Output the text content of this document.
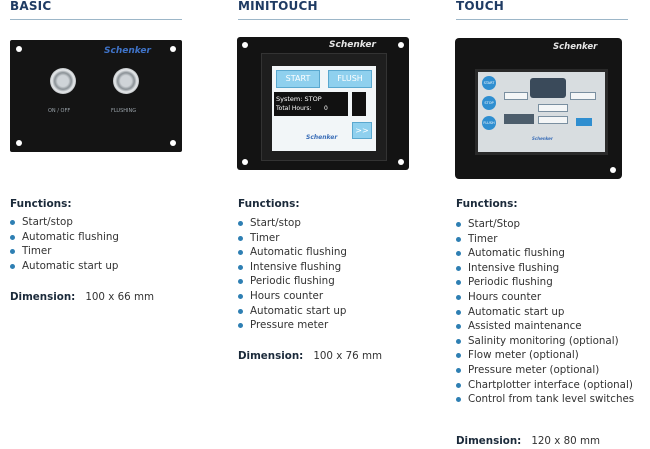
BASIC
Schenker
ON / OFF	FLUSHING
Functions:
Start/stop
Automatic flushing
Timer
Automatic start up
Dimension: 100 x 66 mm
MINITOUCH
Schenker
START	FLUSH
System: STOP
Total Hours: 0
Schenker
>>
Functions:
Start/stop
Timer
Automatic flushing
Intensive flushing
Periodic flushing
Hours counter
Automatic start up
Pressure meter
Dimension: 100 x 76 mm
TOUCH
Schenker
START
STOP
FLUSH
Schenker
Functions:
Start/Stop
Timer
Automatic flushing
Intensive flushing
Periodic flushing
Hours counter
Automatic start up
Assisted maintenance
Salinity monitoring (optional)
Flow meter (optional)
Pressure meter (optional)
Chartplotter interface (optional)
Control from tank level switches
Dimension: 120 x 80 mm
